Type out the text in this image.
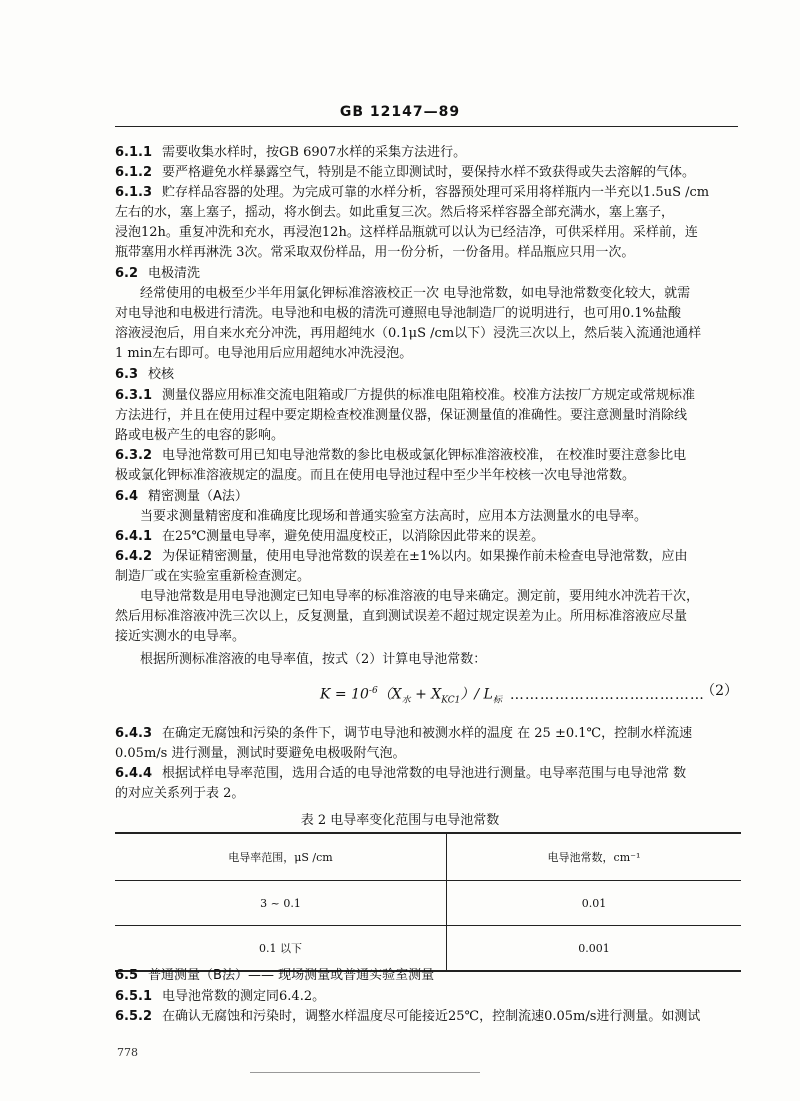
GB 12147—89
6.1.1 需要收集水样时，按GB 6907水样的采集方法进行。
6.1.2 要严格避免水样暴露空气，特别是不能立即测试时，要保持水样不致获得或失去溶解的气体。
6.1.3 贮存样品容器的处理。为完成可靠的水样分析，容器预处理可采用将样瓶内一半充以1.5uS /cm
左右的水，塞上塞子，摇动，将水倒去。如此重复三次。然后将采样容器全部充满水，塞上塞子，
浸泡12h。重复冲洗和充水，再浸泡12h。这样样品瓶就可以认为已经洁净，可供采样用。采样前，连
瓶带塞用水样再淋洗 3次。常采取双份样品，用一份分析，一份备用。样品瓶应只用一次。
6.2 电极清洗
经常使用的电极至少半年用氯化钾标准溶液校正一次 电导池常数，如电导池常数变化较大，就需
对电导池和电极进行清洗。电导池和电极的清洗可遵照电导池制造厂的说明进行，也可用0.1%盐酸
溶液浸泡后，用自来水充分冲洗，再用超纯水（0.1μS /cm以下）浸洗三次以上，然后装入流通池通样
1 min左右即可。电导池用后应用超纯水冲洗浸泡。
6.3 校核
6.3.1 测量仪器应用标准交流电阻箱或厂方提供的标准电阻箱校准。校准方法按厂方规定或常规标准
方法进行，并且在使用过程中要定期检查校准测量仪器，保证测量值的准确性。要注意测量时消除线
路或电极产生的电容的影响。
6.3.2 电导池常数可用已知电导池常数的参比电极或氯化钾标准溶液校准， 在校准时要注意参比电
极或氯化钾标准溶液规定的温度。而且在使用电导池过程中至少半年校核一次电导池常数。
6.4 精密测量（A法）
当要求测量精密度和准确度比现场和普通实验室方法高时，应用本方法测量水的电导率。
6.4.1 在25℃测量电导率，避免使用温度校正，以消除因此带来的误差。
6.4.2 为保证精密测量，使用电导池常数的误差在±1%以内。如果操作前未检查电导池常数，应由
制造厂或在实验室重新检查测定。
电导池常数是用电导池测定已知电导率的标准溶液的电导来确定。测定前，要用纯水冲洗若干次，
然后用标准溶液冲洗三次以上，反复测量，直到测试误差不超过规定误差为止。所用标准溶液应尽量
接近实测水的电导率。
根据所测标准溶液的电导率值，按式（2）计算电导池常数：
$K = 10^{-6}(X_水 + X_{KC1})/$ $L_标$ …………………………………
（2）
6.4.3 在确定无腐蚀和污染的条件下，调节电导池和被测水样的温度 在 25 ±0.1℃，控制水样流速
0.05m/s 进行测量，测试时要避免电极吸附气泡。
6.4.4 根据试样电导率范围，选用合适的电导池常数的电导池进行测量。电导率范围与电导池常 数
的对应关系列于表 2。
表 2 电导率变化范围与电导池常数
电导率范围，μS /cm	电导池常数，cm⁻¹
3 ~ 0.1	0.01
0.1 以下	0.001
6.5 普通测量（B法）—— 现场测量或普通实验室测量
6.5.1 电导池常数的测定同6.4.2。
6.5.2 在确认无腐蚀和污染时，调整水样温度尽可能接近25℃，控制流速0.05m/s进行测量。如测试
778
